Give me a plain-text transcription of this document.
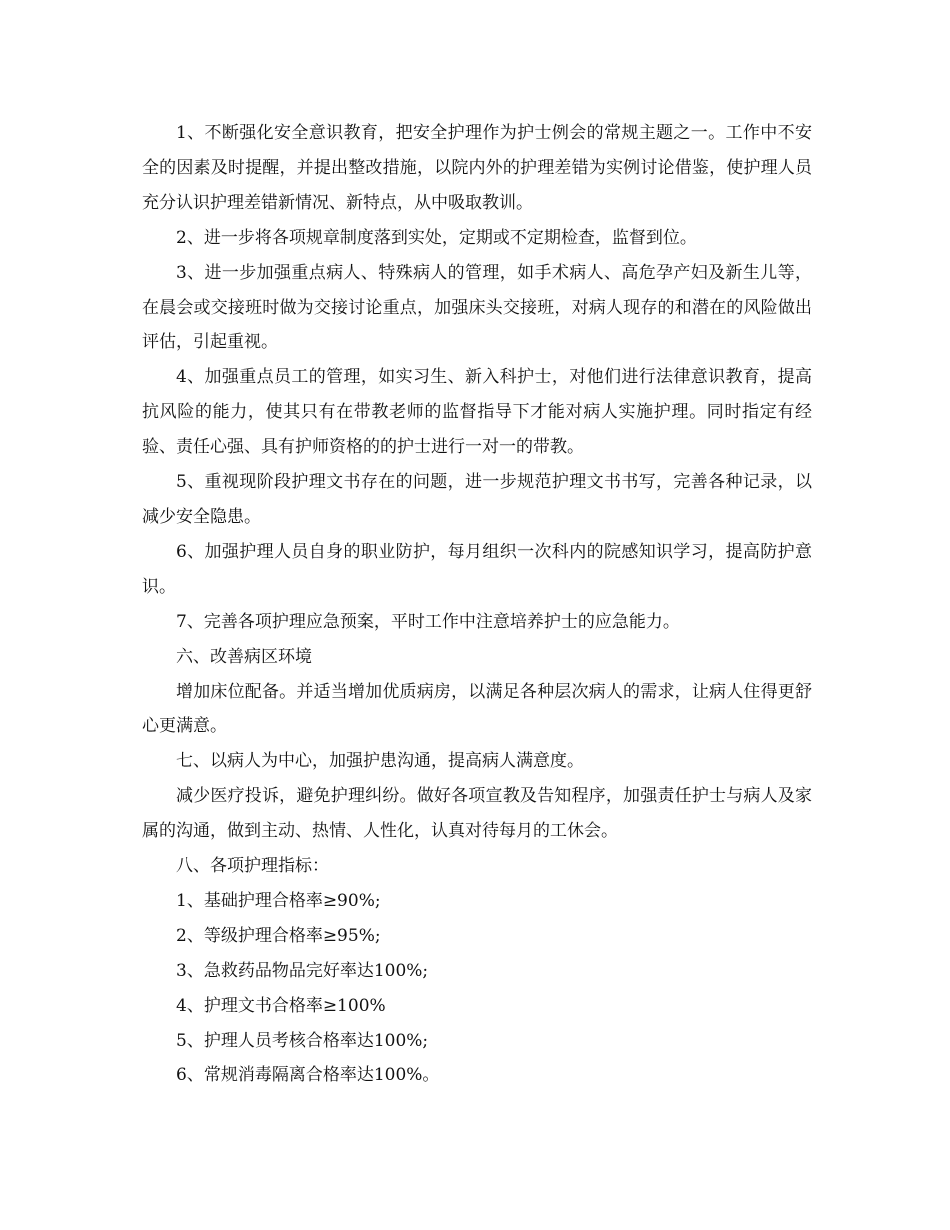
1、不断强化安全意识教育，把安全护理作为护士例会的常规主题之一。工作中不安全的因素及时提醒，并提出整改措施，以院内外的护理差错为实例讨论借鉴，使护理人员充分认识护理差错新情况、新特点，从中吸取教训。

2、进一步将各项规章制度落到实处，定期或不定期检查，监督到位。

3、进一步加强重点病人、特殊病人的管理，如手术病人、高危孕产妇及新生儿等，在晨会或交接班时做为交接讨论重点，加强床头交接班，对病人现存的和潜在的风险做出评估，引起重视。

4、加强重点员工的管理，如实习生、新入科护士，对他们进行法律意识教育，提高抗风险的能力，使其只有在带教老师的监督指导下才能对病人实施护理。同时指定有经验、责任心强、具有护师资格的的护士进行一对一的带教。

5、重视现阶段护理文书存在的问题，进一步规范护理文书书写，完善各种记录，以减少安全隐患。

6、加强护理人员自身的职业防护，每月组织一次科内的院感知识学习，提高防护意识。

7、完善各项护理应急预案，平时工作中注意培养护士的应急能力。

六、改善病区环境

增加床位配备。并适当增加优质病房，以满足各种层次病人的需求，让病人住得更舒心更满意。

七、以病人为中心，加强护患沟通，提高病人满意度。

减少医疗投诉，避免护理纠纷。做好各项宣教及告知程序，加强责任护士与病人及家属的沟通，做到主动、热情、人性化，认真对待每月的工休会。

八、各项护理指标：

1、基础护理合格率≥90%;

2、等级护理合格率≥95%;

3、急救药品物品完好率达100%;

4、护理文书合格率≥100%

5、护理人员考核合格率达100%;

6、常规消毒隔离合格率达100%。
